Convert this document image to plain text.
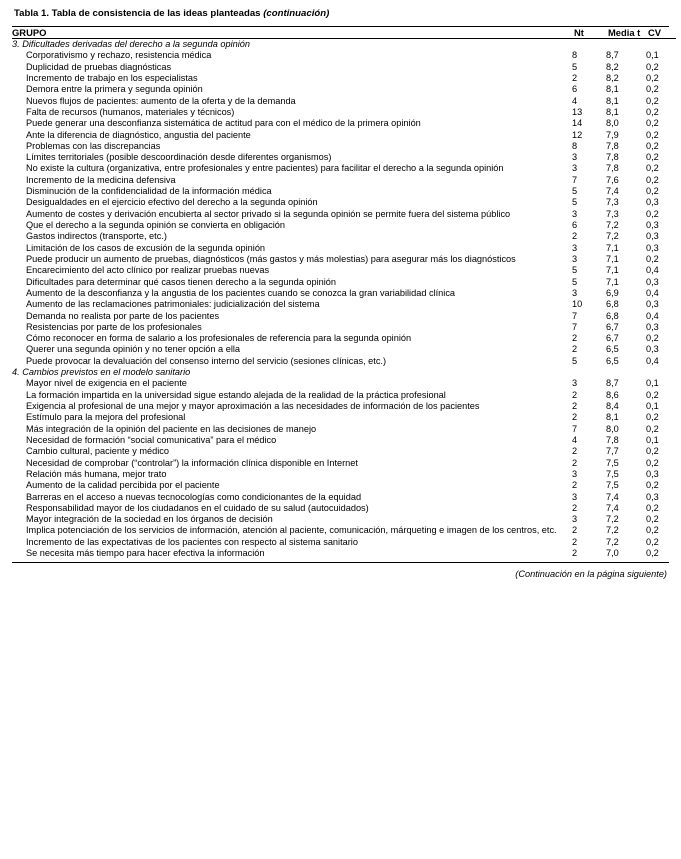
Tabla 1. Tabla de consistencia de las ideas planteadas (continuación)
GRUPO	Nt	Media t	CV
3. Dificultades derivadas del derecho a la segunda opinión			
Corporativismo y rechazo, resistencia médica	8	8,7	0,1
Duplicidad de pruebas diagnósticas	5	8,2	0,2
Incremento de trabajo en los especialistas	2	8,2	0,2
Demora entre la primera y segunda opinión	6	8,1	0,2
Nuevos flujos de pacientes: aumento de la oferta y de la demanda	4	8,1	0,2
Falta de recursos (humanos, materiales y técnicos)	13	8,1	0,2
Puede generar una desconfianza sistemática de actitud para con el médico de la primera opinión	14	8,0	0,2
Ante la diferencia de diagnóstico, angustia del paciente	12	7,9	0,2
Problemas con las discrepancias	8	7,8	0,2
Límites territoriales (posible descoordinación desde diferentes organismos)	3	7,8	0,2
No existe la cultura (organizativa, entre profesionales y entre pacientes) para facilitar el derecho a la segunda opinión	3	7,8	0,2
Incremento de la medicina defensiva	7	7,6	0,2
Disminución de la confidencialidad de la información médica	5	7,4	0,2
Desigualdades en el ejercicio efectivo del derecho a la segunda opinión	5	7,3	0,3
Aumento de costes y derivación encubierta al sector privado si la segunda opinión se permite fuera del sistema público	3	7,3	0,2
Que el derecho a la segunda opinión se convierta en obligación	6	7,2	0,3
Gastos indirectos (transporte, etc.)	2	7,2	0,3
Limitación de los casos de excusión de la segunda opinión	3	7,1	0,3
Puede producir un aumento de pruebas, diagnósticos (más gastos y más molestias) para asegurar más los diagnósticos	3	7,1	0,2
Encarecimiento del acto clínico por realizar pruebas nuevas	5	7,1	0,4
Dificultades para determinar qué casos tienen derecho a la segunda opinión	5	7,1	0,3
Aumento de la desconfianza y la angustia de los pacientes cuando se conozca la gran variabilidad clínica	3	6,9	0,4
Aumento de las reclamaciones patrimoniales: judicialización del sistema	10	6,8	0,3
Demanda no realista por parte de los pacientes	7	6,8	0,4
Resistencias por parte de los profesionales	7	6,7	0,3
Cómo reconocer en forma de salario a los profesionales de referencia para la segunda opinión	2	6,7	0,2
Querer una segunda opinión y no tener opción a ella	2	6,5	0,3
Puede provocar la devaluación del consenso interno del servicio (sesiones clínicas, etc.)	5	6,5	0,4
4. Cambios previstos en el modelo sanitario			
Mayor nivel de exigencia en el paciente	3	8,7	0,1
La formación impartida en la universidad sigue estando alejada de la realidad de la práctica profesional	2	8,6	0,2
Exigencia al profesional de una mejor y mayor aproximación a las necesidades de información de los pacientes	2	8,4	0,1
Estímulo para la mejora del profesional	2	8,1	0,2
Más integración de la opinión del paciente en las decisiones de manejo	7	8,0	0,2
Necesidad de formación “social comunicativa” para el médico	4	7,8	0,1
Cambio cultural, paciente y médico	2	7,7	0,2
Necesidad de comprobar (“controlar”) la información clínica disponible en Internet	2	7,5	0,2
Relación más humana, mejor trato	3	7,5	0,3
Aumento de la calidad percibida por el paciente	2	7,5	0,2
Barreras en el acceso a nuevas tecnocologías como condicionantes de la equidad	3	7,4	0,3
Responsabilidad mayor de los ciudadanos en el cuidado de su salud (autocuidados)	2	7,4	0,2
Mayor integración de la sociedad en los órganos de decisión	3	7,2	0,2
Implica potenciación de los servicios de información, atención al paciente, comunicación, márqueting e imagen de los centros, etc.	2	7,2	0,2
Incremento de las expectativas de los pacientes con respecto al sistema sanitario	2	7,2	0,2
Se necesita más tiempo para hacer efectiva la información	2	7,0	0,2
(Continuación en la página siguiente)
